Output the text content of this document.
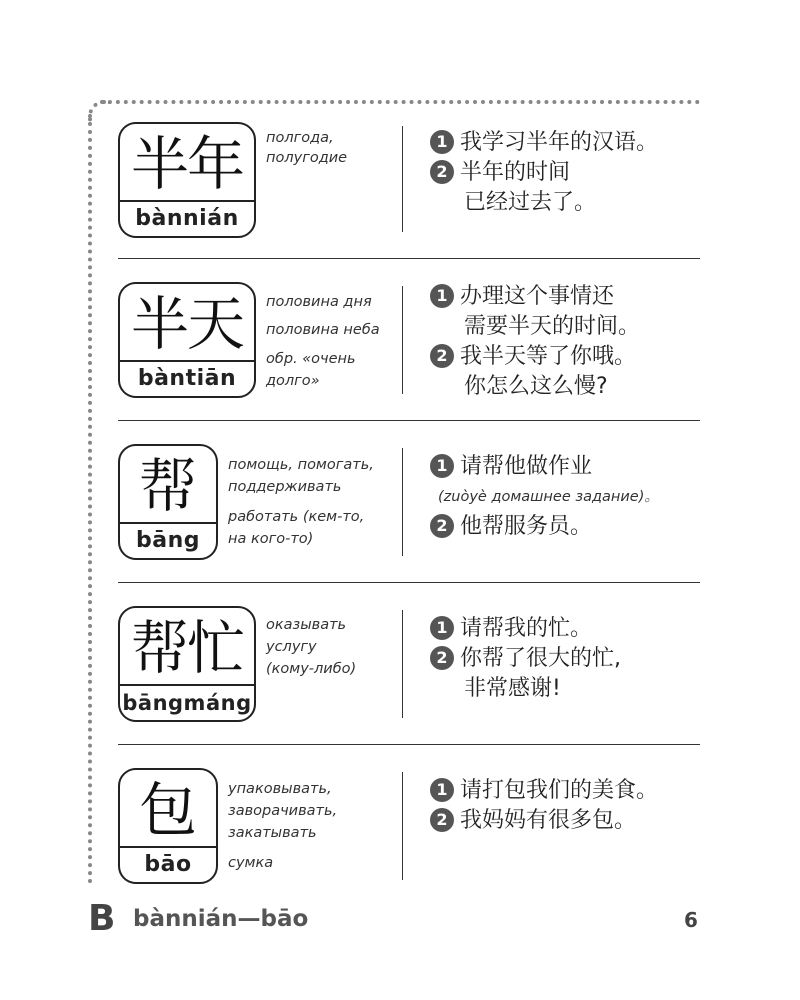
半年
bànnián
полгода,
полугодие
1 我学习半年的汉语。
2 半年的时间
已经过去了。
半天
bàntiān
половина дня
половина неба
обр. «очень
долго»
1 办理这个事情还
需要半天的时间。
2 我半天等了你哦。
你怎么这么慢?
帮
bāng
помощь, помогать,
поддерживать
работать (кем-то,
на кого-то)
1 请帮他做作业
(zuòyè домашнее задание)。
2 他帮服务员。
帮忙
bāngmáng
оказывать
услугу
(кому-либо)
1 请帮我的忙。
2 你帮了很大的忙,
非常感谢!
包
bāo
упаковывать,
заворачивать,
закатывать
сумка
1 请打包我们的美食。
2 我妈妈有很多包。
B bànnián—bāo	6
